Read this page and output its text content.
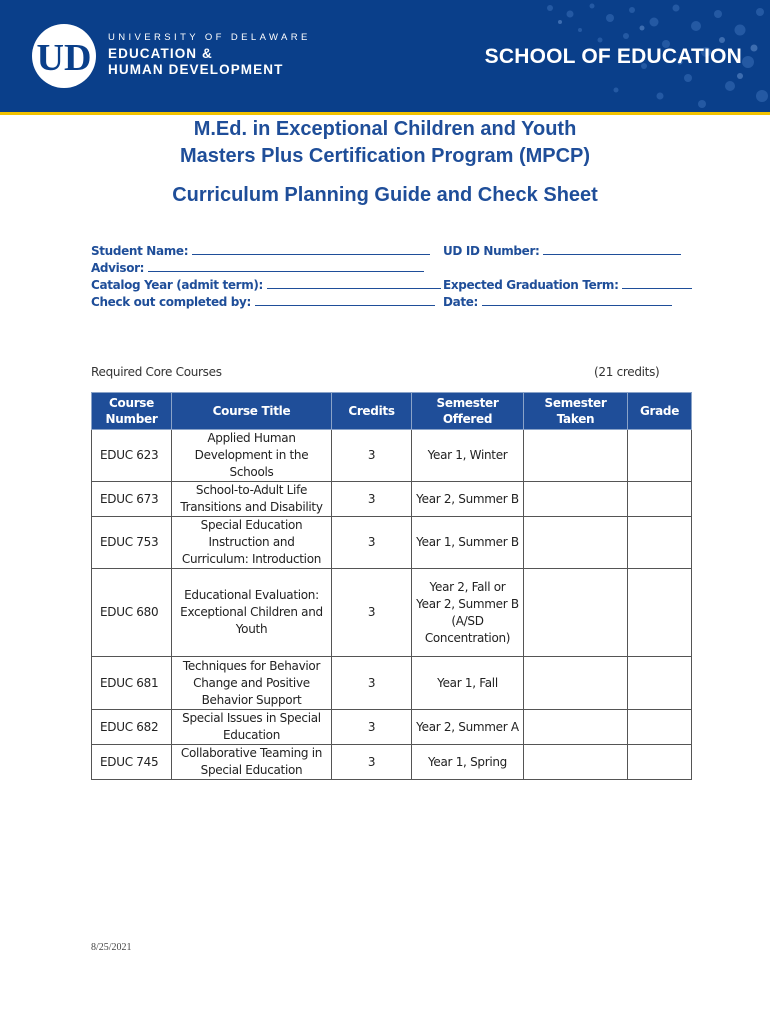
UD UNIVERSITY OF DELAWARE
EDUCATION &
HUMAN DEVELOPMENT
SCHOOL OF EDUCATION
M.Ed. in Exceptional Children and Youth
Masters Plus Certification Program (MPCP)
Curriculum Planning Guide and Check Sheet
Student Name:
Advisor:
Catalog Year (admit term):
Check out completed by:
UD ID Number:
Expected Graduation Term:
Date:
Required Core Courses	(21 credits)
Course Number	Course Title	Credits	Semester Offered	Semester Taken	Grade
EDUC 623	Applied Human Development in the Schools	3	Year 1, Winter		
EDUC 673	School-to-Adult Life Transitions and Disability	3	Year 2, Summer B		
EDUC 753	Special Education Instruction and Curriculum: Introduction	3	Year 1, Summer B		
EDUC 680	Educational Evaluation: Exceptional Children and Youth	3	Year 2, Fall or Year 2, Summer B (A/SD Concentration)		
EDUC 681	Techniques for Behavior Change and Positive Behavior Support	3	Year 1, Fall		
EDUC 682	Special Issues in Special Education	3	Year 2, Summer A		
EDUC 745	Collaborative Teaming in Special Education	3	Year 1, Spring		
8/25/2021
